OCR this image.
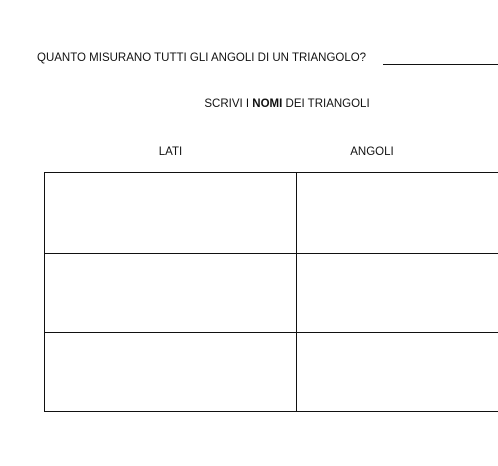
QUANTO MISURANO TUTTI GLI ANGOLI DI UN TRIANGOLO?
SCRIVI I NOMI DEI TRIANGOLI
LATI	ANGOLI
